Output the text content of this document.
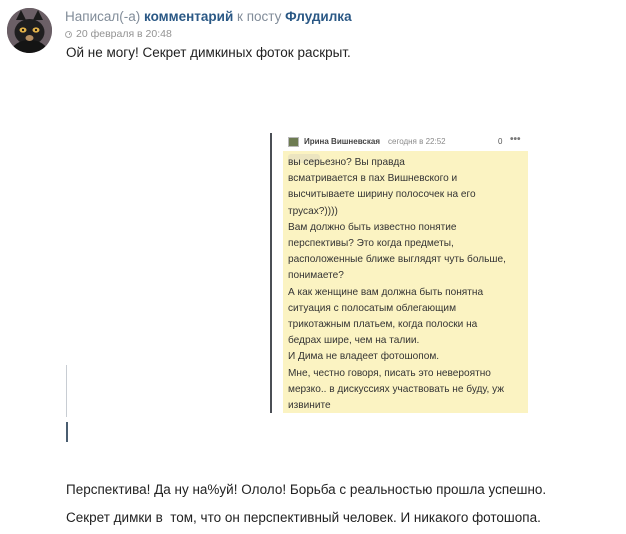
Написал(-а) комментарий к посту Флудилка
20 февраля в 20:48
Ой не могу! Секрет димкиных фоток раскрыт.
Ирина Вишневская сегодня в 22:52	0 •••
вы серьезно? Вы правда
всматривается в пах Вишневского и
высчитываете ширину полосочек на его
трусах?))))
Вам должно быть известно понятие
перспективы? Это когда предметы,
расположенные ближе выглядят чуть больше,
понимаете?
А как женщине вам должна быть понятна
ситуация с полосатым облегающим
трикотажным платьем, когда полоски на
бедрах шире, чем на талии.
И Дима не владеет фотошопом.
Мне, честно говоря, писать это невероятно
мерзко.. в дискуссиях участвовать не буду, уж
извините
Перспектива! Да ну на%уй! Ололо! Борьба с реальностью прошла успешно.
Секрет димки в  том, что он перспективный человек. И никакого фотошопа.
